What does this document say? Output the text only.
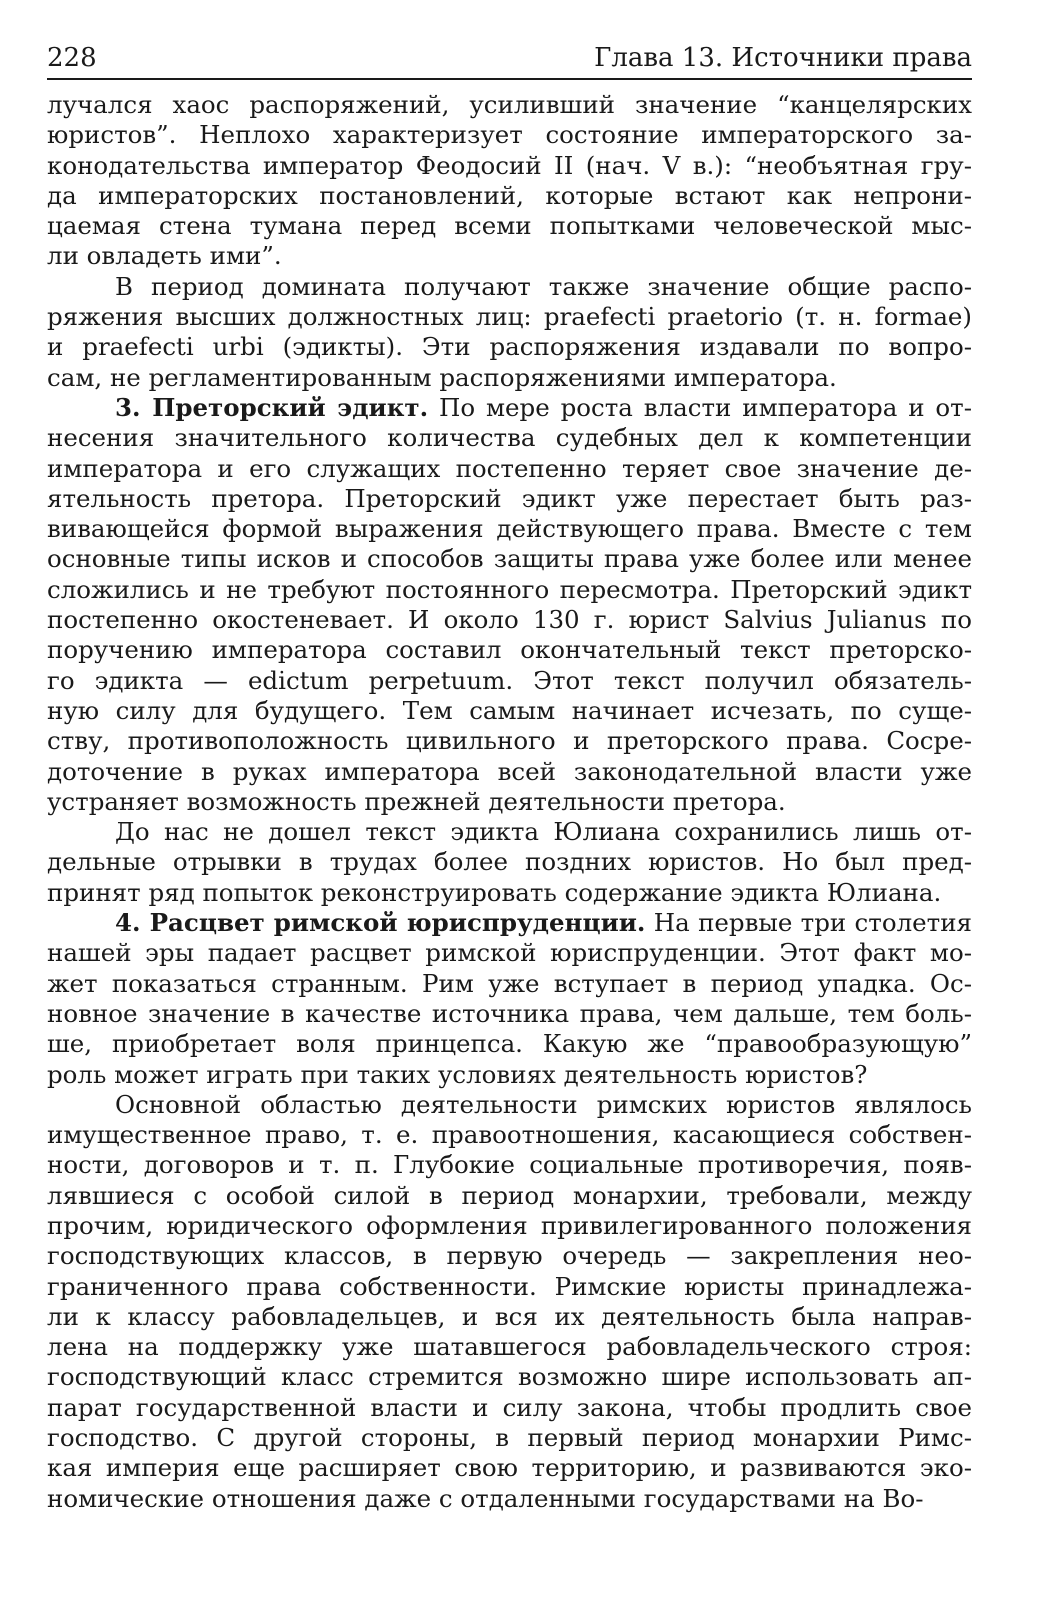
228	Глава 13. Источники права
лучался хаос распоряжений, усиливший значение “канцелярских
юристов”. Неплохо характеризует состояние императорского за-
конодательства император Феодосий II (нач. V в.): “необъятная гру-
да императорских постановлений, которые встают как непрони-
цаемая стена тумана перед всеми попытками человеческой мыс-
ли овладеть ими”.
В период домината получают также значение общие распо-
ряжения высших должностных лиц: praefecti praetorio (т. н. formae)
и praefecti urbi (эдикты). Эти распоряжения издавали по вопро-
сам, не регламентированным распоряжениями императора.
3. Преторский эдикт. По мере роста власти императора и от-
несения значительного количества судебных дел к компетенции
императора и его служащих постепенно теряет свое значение де-
ятельность претора. Преторский эдикт уже перестает быть раз-
вивающейся формой выражения действующего права. Вместе с тем
основные типы исков и способов защиты права уже более или менее
сложились и не требуют постоянного пересмотра. Преторский эдикт
постепенно окостеневает. И около 130 г. юрист Salvius Julianus по
поручению императора составил окончательный текст преторско-
го эдикта — edictum perpetuum. Этот текст получил обязатель-
ную силу для будущего. Тем самым начинает исчезать, по суще-
ству, противоположность цивильного и преторского права. Сосре-
доточение в руках императора всей законодательной власти уже
устраняет возможность прежней деятельности претора.
До нас не дошел текст эдикта Юлиана сохранились лишь от-
дельные отрывки в трудах более поздних юристов. Но был пред-
принят ряд попыток реконструировать содержание эдикта Юлиана.
4. Расцвет римской юриспруденции. На первые три столетия
нашей эры падает расцвет римской юриспруденции. Этот факт мо-
жет показаться странным. Рим уже вступает в период упадка. Ос-
новное значение в качестве источника права, чем дальше, тем боль-
ше, приобретает воля принцепса. Какую же “правообразующую”
роль может играть при таких условиях деятельность юристов?
Основной областью деятельности римских юристов являлось
имущественное право, т. е. правоотношения, касающиеся собствен-
ности, договоров и т. п. Глубокие социальные противоречия, появ-
лявшиеся с особой силой в период монархии, требовали, между
прочим, юридического оформления привилегированного положения
господствующих классов, в первую очередь — закрепления нео-
граниченного права собственности. Римские юристы принадлежа-
ли к классу рабовладельцев, и вся их деятельность была направ-
лена на поддержку уже шатавшегося рабовладельческого строя:
господствующий класс стремится возможно шире использовать ап-
парат государственной власти и силу закона, чтобы продлить свое
господство. С другой стороны, в первый период монархии Римс-
кая империя еще расширяет свою территорию, и развиваются эко-
номические отношения даже с отдаленными государствами на Во-
